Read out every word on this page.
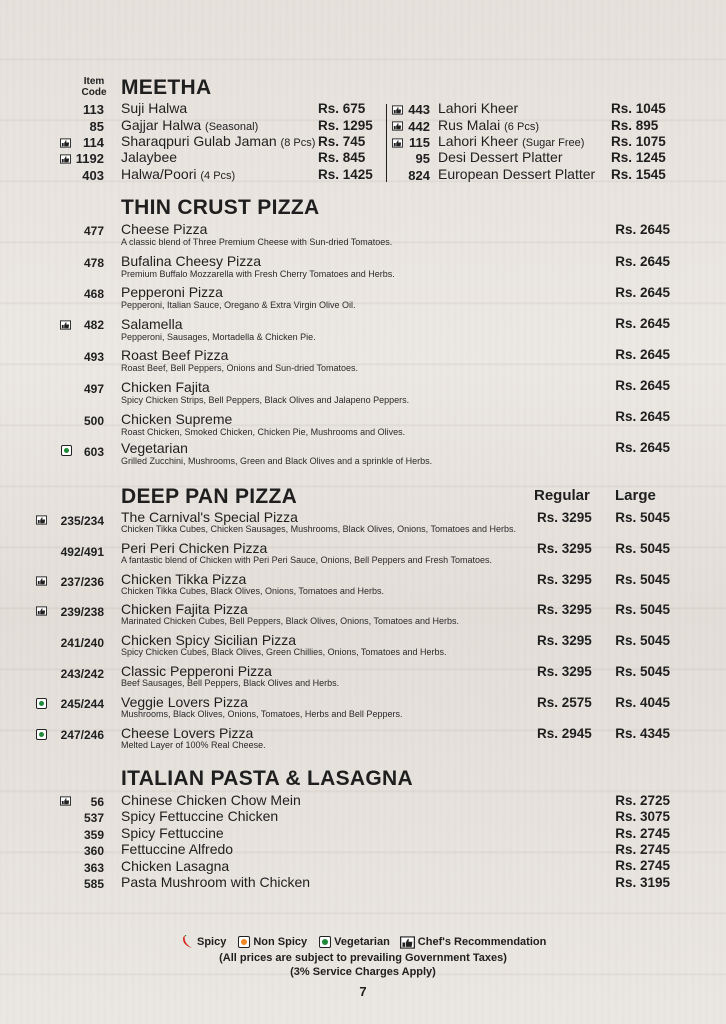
Item
Code MEETHA
113 Suji Halwa	Rs. 675
85 Gajjar Halwa (Seasonal)	Rs. 1295
114 Sharaqpuri Gulab Jaman (8 Pcs) Rs. 745
1192 Jalaybee	Rs. 845
403 Halwa/Poori (4 Pcs)	Rs. 1425
443 Lahori Kheer	Rs. 1045
442 Rus Malai (6 Pcs)	Rs. 895
115 Lahori Kheer (Sugar Free) Rs. 1075
95 Desi Dessert Platter	Rs. 1245
824 European Dessert Platter Rs. 1545
THIN CRUST PIZZA
477 Cheese Pizza
A classic blend of Three Premium Cheese with Sun-dried Tomatoes.
Rs. 2645
478 Bufalina Cheesy Pizza
Premium Buffalo Mozzarella with Fresh Cherry Tomatoes and Herbs.
Rs. 2645
468 Pepperoni Pizza
Pepperoni, Italian Sauce, Oregano & Extra Virgin Olive Oil.
Rs. 2645
482 Salamella
Pepperoni, Sausages, Mortadella & Chicken Pie.
Rs. 2645
493 Roast Beef Pizza
Roast Beef, Bell Peppers, Onions and Sun-dried Tomatoes.
Rs. 2645
497 Chicken Fajita
Spicy Chicken Strips, Bell Peppers, Black Olives and Jalapeno Peppers.
Rs. 2645
500 Chicken Supreme
Roast Chicken, Smoked Chicken, Chicken Pie, Mushrooms and Olives.
Rs. 2645
603 Vegetarian
Grilled Zucchini, Mushrooms, Green and Black Olives and a sprinkle of Herbs.
Rs. 2645
DEEP PAN PIZZA	Regular Large
235/234 The Carnival's Special Pizza
Chicken Tikka Cubes, Chicken Sausages, Mushrooms, Black Olives, Onions, Tomatoes and Herbs.
Rs. 3295 Rs. 5045
492/491 Peri Peri Chicken Pizza
A fantastic blend of Chicken with Peri Peri Sauce, Onions, Bell Peppers and Fresh Tomatoes.
Rs. 3295 Rs. 5045
237/236 Chicken Tikka Pizza
Chicken Tikka Cubes, Black Olives, Onions, Tomatoes and Herbs.
Rs. 3295 Rs. 5045
239/238 Chicken Fajita Pizza
Marinated Chicken Cubes, Bell Peppers, Black Olives, Onions, Tomatoes and Herbs.
Rs. 3295 Rs. 5045
241/240 Chicken Spicy Sicilian Pizza
Spicy Chicken Cubes, Black Olives, Green Chillies, Onions, Tomatoes and Herbs.
Rs. 3295 Rs. 5045
243/242 Classic Pepperoni Pizza
Beef Sausages, Bell Peppers, Black Olives and Herbs.
Rs. 3295 Rs. 5045
245/244 Veggie Lovers Pizza
Mushrooms, Black Olives, Onions, Tomatoes, Herbs and Bell Peppers.
Rs. 2575 Rs. 4045
247/246 Cheese Lovers Pizza
Melted Layer of 100% Real Cheese.
Rs. 2945 Rs. 4345
ITALIAN PASTA & LASAGNA
56 Chinese Chicken Chow Mein	Rs. 2725
537 Spicy Fettuccine Chicken	Rs. 3075
359 Spicy Fettuccine	Rs. 2745
360 Fettuccine Alfredo	Rs. 2745
363 Chicken Lasagna	Rs. 2745
585 Pasta Mushroom with Chicken	Rs. 3195
Spicy Non Spicy Vegetarian	Chef's Recommendation
(All prices are subject to prevailing Government Taxes)
(3% Service Charges Apply)
7
